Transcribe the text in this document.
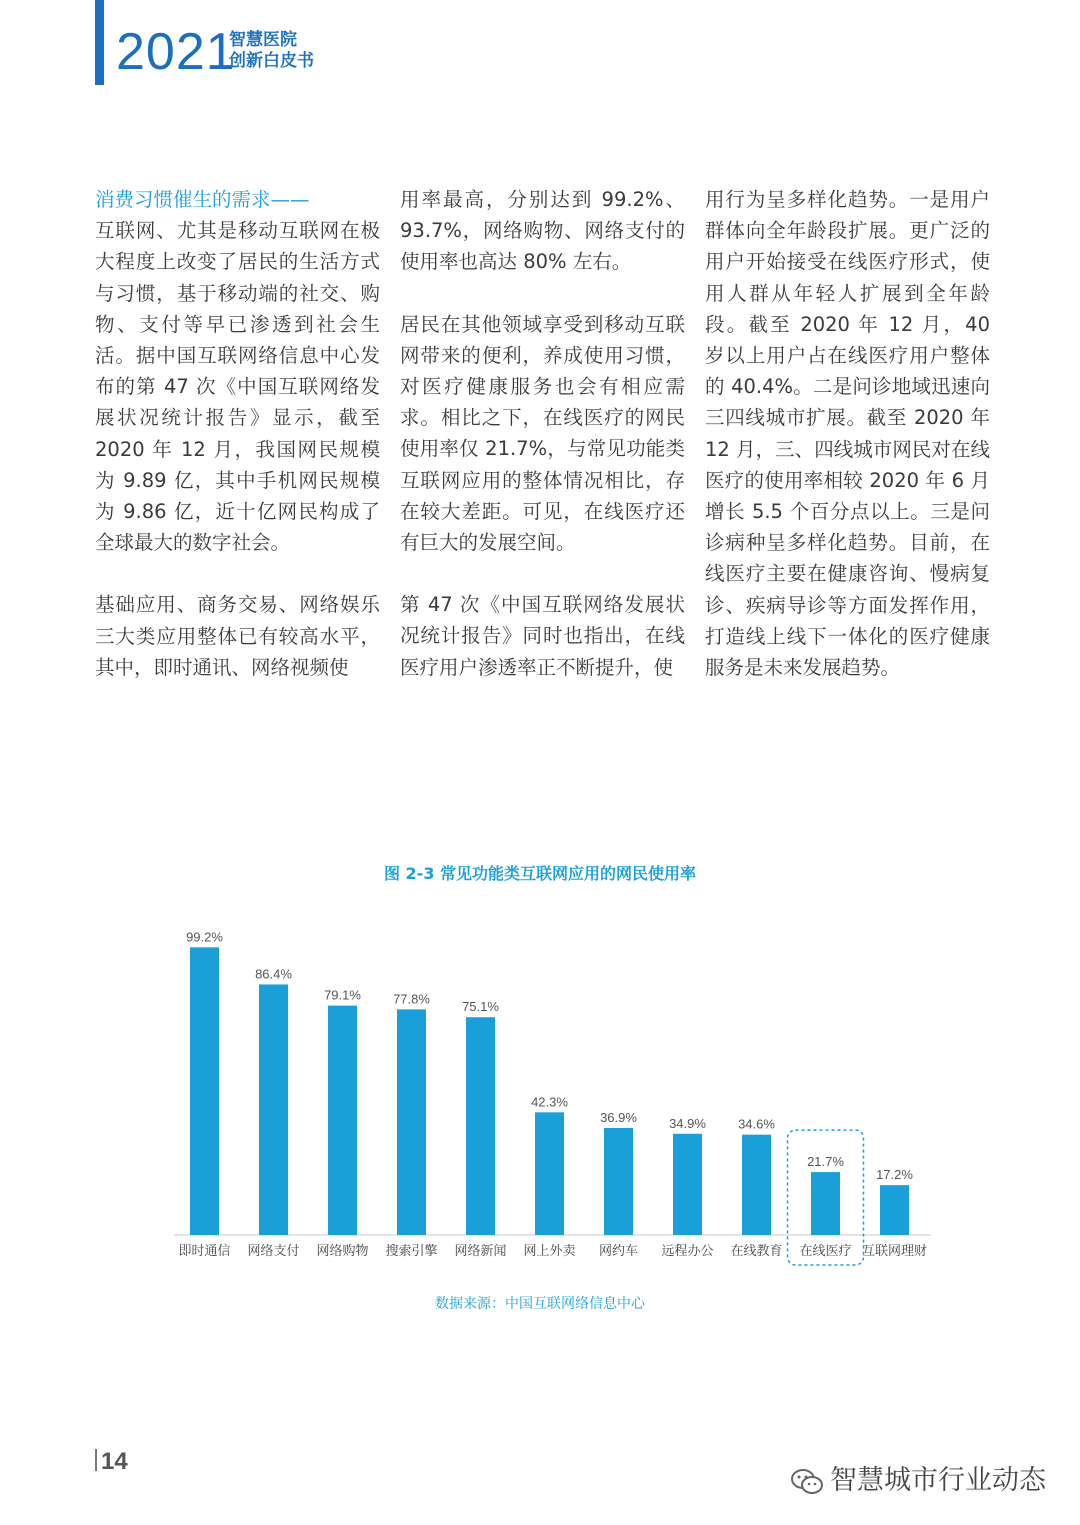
2021
智慧医院
创新白皮书

消费习惯催生的需求——
互联网、尤其是移动互联网在极大程度上改变了居民的生活方式与习惯，基于移动端的社交、购物、支付等早已渗透到社会生活。据中国互联网络信息中心发布的第 47 次《中国互联网络发展状况统计报告》显示，截至 2020 年 12 月，我国网民规模为 9.89 亿，其中手机网民规模为 9.86 亿，近十亿网民构成了全球最大的数字社会。

基础应用、商务交易、网络娱乐三大类应用整体已有较高水平，其中，即时通讯、网络视频使

用率最高，分别达到 99.2%、93.7%，网络购物、网络支付的使用率也高达 80% 左右。

居民在其他领域享受到移动互联网带来的便利，养成使用习惯，对医疗健康服务也会有相应需求。相比之下，在线医疗的网民使用率仅 21.7%，与常见功能类互联网应用的整体情况相比，存在较大差距。可见，在线医疗还有巨大的发展空间。

第 47 次《中国互联网络发展状况统计报告》同时也指出，在线医疗用户渗透率正不断提升，使

用行为呈多样化趋势。一是用户群体向全年龄段扩展。更广泛的用户开始接受在线医疗形式，使用人群从年轻人扩展到全年龄段。截至 2020 年 12 月，40 岁以上用户占在线医疗用户整体的 40.4%。二是问诊地域迅速向三四线城市扩展。截至 2020 年 12 月，三、四线城市网民对在线医疗的使用率相较 2020 年 6 月增长 5.5 个百分点以上。三是问诊病种呈多样化趋势。目前，在线医疗主要在健康咨询、慢病复诊、疾病导诊等方面发挥作用，打造线上线下一体化的医疗健康服务是未来发展趋势。

图 2-3 常见功能类互联网应用的网民使用率
99.2%
即时通信
86.4%
网络支付
79.1%
网络购物
77.8%
搜索引擎
75.1%
网络新闻
42.3%
网上外卖
36.9%
网约车
34.9%
远程办公
34.6%
在线教育
21.7%
在线医疗
17.2%
互联网理财
数据来源：中国互联网络信息中心
14
智慧城市行业动态
